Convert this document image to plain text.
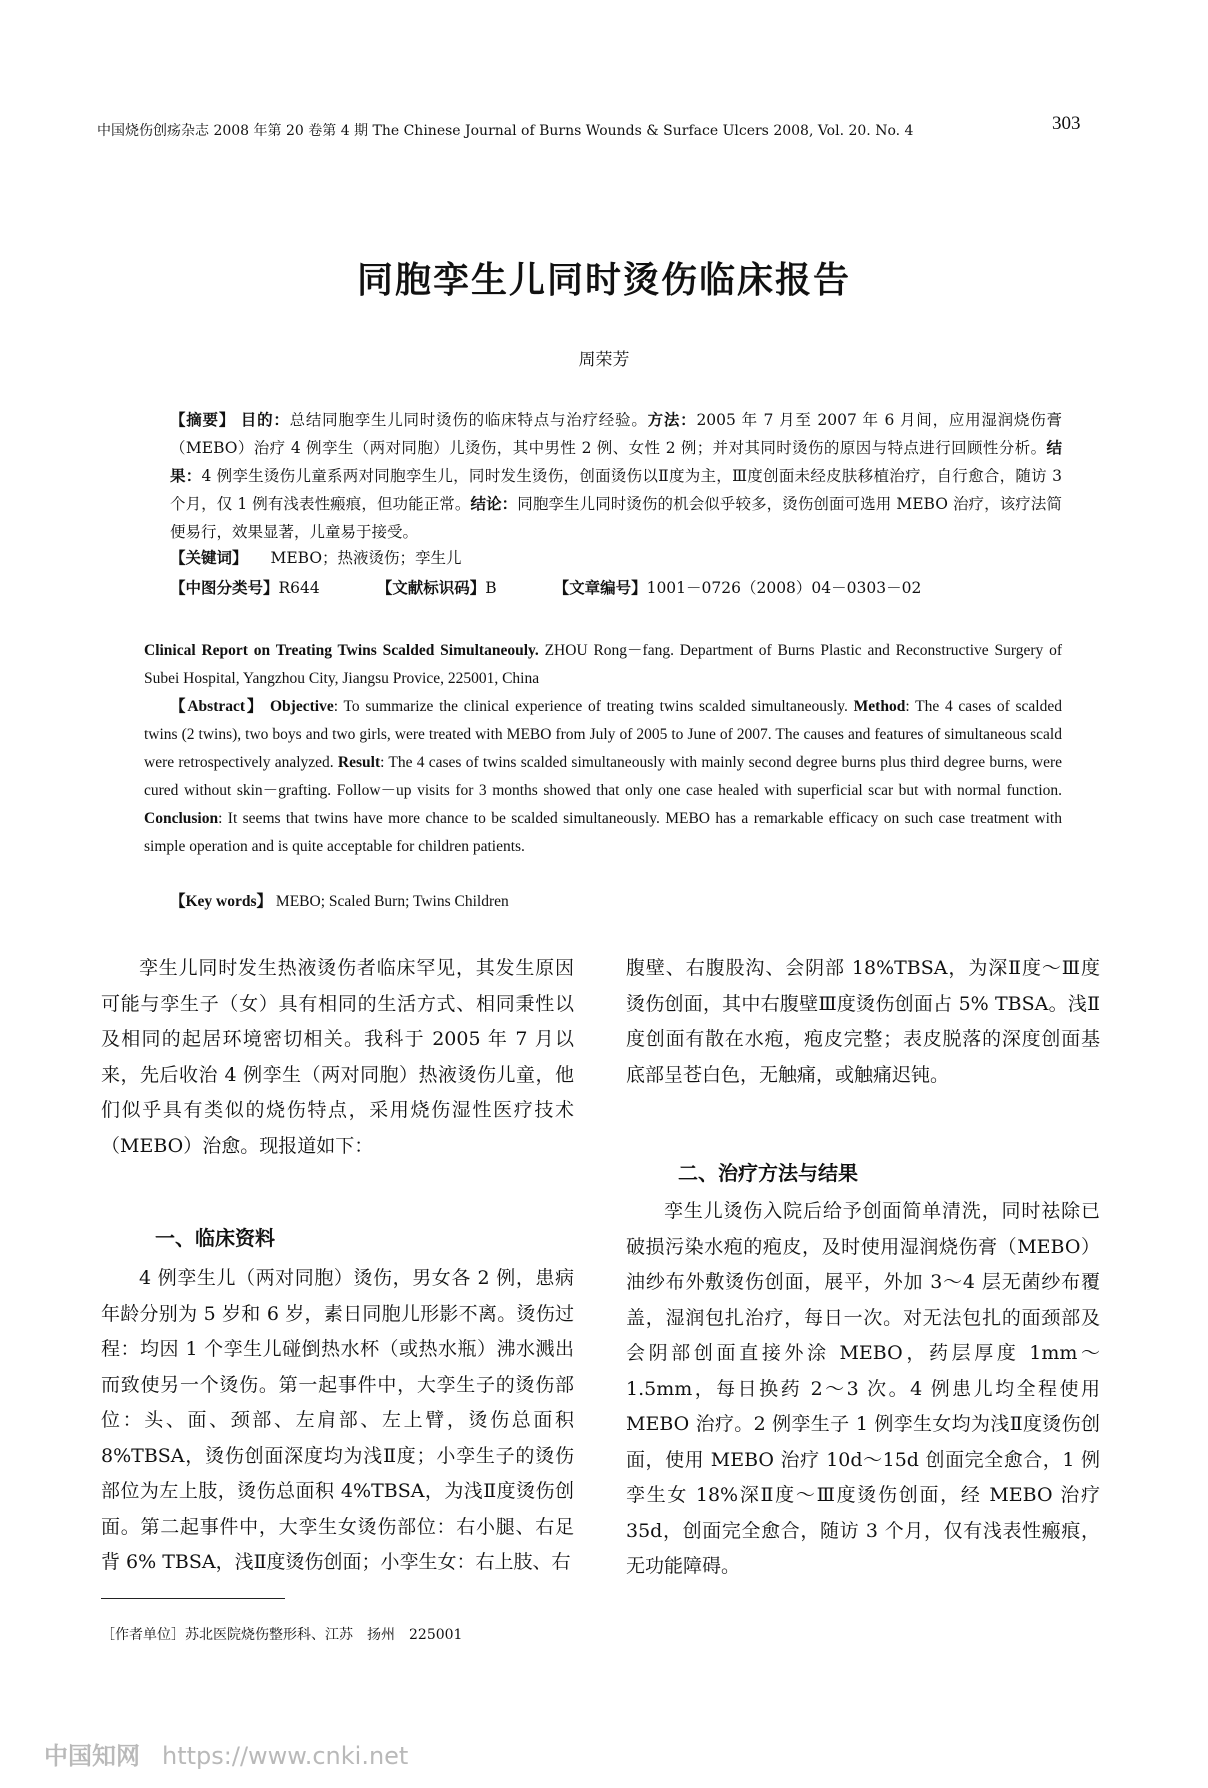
中国烧伤创疡杂志 2008 年第 20 卷第 4 期 The Chinese Journal of Burns Wounds & Surface Ulcers 2008, Vol. 20. No. 4	303
同胞孪生儿同时烫伤临床报告
周荣芳
【摘要】 目的：总结同胞孪生儿同时烫伤的临床特点与治疗经验。方法：2005 年 7 月至 2007 年 6 月间，应用湿润烧伤膏（MEBO）治疗 4 例孪生（两对同胞）儿烫伤，其中男性 2 例、女性 2 例；并对其同时烫伤的原因与特点进行回顾性分析。结果：4 例孪生烫伤儿童系两对同胞孪生儿，同时发生烫伤，创面烫伤以Ⅱ度为主，Ⅲ度创面未经皮肤移植治疗，自行愈合，随访 3 个月，仅 1 例有浅表性瘢痕，但功能正常。结论：同胞孪生儿同时烫伤的机会似乎较多，烫伤创面可选用 MEBO 治疗，该疗法简便易行，效果显著，儿童易于接受。
【关键词】 MEBO；热液烫伤；孪生儿
【中图分类号】R644	【文献标识码】B	【文章编号】1001－0726（2008）04－0303－02
Clinical Report on Treating Twins Scalded Simultaneouly. ZHOU Rong－fang. Department of Burns Plastic and Reconstructive Surgery of Subei Hospital, Yangzhou City, Jiangsu Provice, 225001, China
【Abstract】 Objective: To summarize the clinical experience of treating twins scalded simultaneously. Method: The 4 cases of scalded twins (2 twins), two boys and two girls, were treated with MEBO from July of 2005 to June of 2007. The causes and features of simultaneous scald were retrospectively analyzed. Result: The 4 cases of twins scalded simultaneously with mainly second degree burns plus third degree burns, were cured without skin－grafting. Follow－up visits for 3 months showed that only one case healed with superficial scar but with normal function. Conclusion: It seems that twins have more chance to be scalded simultaneously. MEBO has a remarkable efficacy on such case treatment with simple operation and is quite acceptable for children patients.
【Key words】 MEBO; Scaled Burn; Twins Children

孪生儿同时发生热液烫伤者临床罕见，其发生原因可能与孪生子（女）具有相同的生活方式、相同秉性以及相同的起居环境密切相关。我科于 2005 年 7 月以来，先后收治 4 例孪生（两对同胞）热液烫伤儿童，他们似乎具有类似的烧伤特点，采用烧伤湿性医疗技术（MEBO）治愈。现报道如下：

一、临床资料

4 例孪生儿（两对同胞）烫伤，男女各 2 例，患病年龄分别为 5 岁和 6 岁，素日同胞儿形影不离。烫伤过程：均因 1 个孪生儿碰倒热水杯（或热水瓶）沸水溅出而致使另一个烫伤。第一起事件中，大孪生子的烫伤部位：头、面、颈部、左肩部、左上臂，烫伤总面积 8%TBSA，烫伤创面深度均为浅Ⅱ度；小孪生子的烫伤部位为左上肢，烫伤总面积 4%TBSA，为浅Ⅱ度烫伤创面。第二起事件中，大孪生女烫伤部位：右小腿、右足背 6% TBSA，浅Ⅱ度烫伤创面；小孪生女：右上肢、右

腹壁、右腹股沟、会阴部 18%TBSA，为深Ⅱ度～Ⅲ度烫伤创面，其中右腹壁Ⅲ度烫伤创面占 5% TBSA。浅Ⅱ度创面有散在水疱，疱皮完整；表皮脱落的深度创面基底部呈苍白色，无触痛，或触痛迟钝。

二、治疗方法与结果

孪生儿烫伤入院后给予创面简单清洗，同时祛除已破损污染水疱的疱皮，及时使用湿润烧伤膏（MEBO）油纱布外敷烫伤创面，展平，外加 3～4 层无菌纱布覆盖，湿润包扎治疗，每日一次。对无法包扎的面颈部及会阴部创面直接外涂 MEBO，药层厚度 1mm～1.5mm，每日换药 2～3 次。4 例患儿均全程使用 MEBO 治疗。2 例孪生子 1 例孪生女均为浅Ⅱ度烫伤创面，使用 MEBO 治疗 10d～15d 创面完全愈合，1 例孪生女 18%深Ⅱ度～Ⅲ度烫伤创面，经 MEBO 治疗 35d，创面完全愈合，随访 3 个月，仅有浅表性瘢痕，无功能障碍。

［作者单位］苏北医院烧伤整形科、江苏　扬州　225001
中国知网 https://www.cnki.net
